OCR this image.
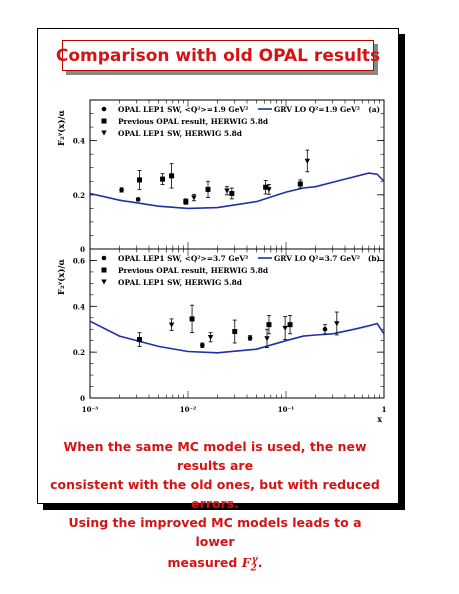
Comparison with old OPAL results
0
0.2
0.4
F₂ᵞ(x)/α
OPAL LEP1 SW, <Q²>=1.9 GeV²
Previous OPAL result, HERWIG 5.8d
OPAL LEP1 SW, HERWIG 5.8d
GRV LO Q²=1.9 GeV² (a)
0
0.2
0.4
0.6
F₂ᵞ(x)/α
OPAL LEP1 SW, <Q²>=3.7 GeV²
Previous OPAL result, HERWIG 5.8d
OPAL LEP1 SW, HERWIG 5.8d
GRV LO Q²=3.7 GeV² (b)
10⁻³	10⁻²	10⁻¹	1
x
When the same MC model is used, the new results are
consistent with the old ones, but with reduced errors.
Using the improved MC models leads to a lower
measured $F_2^\gamma$.
